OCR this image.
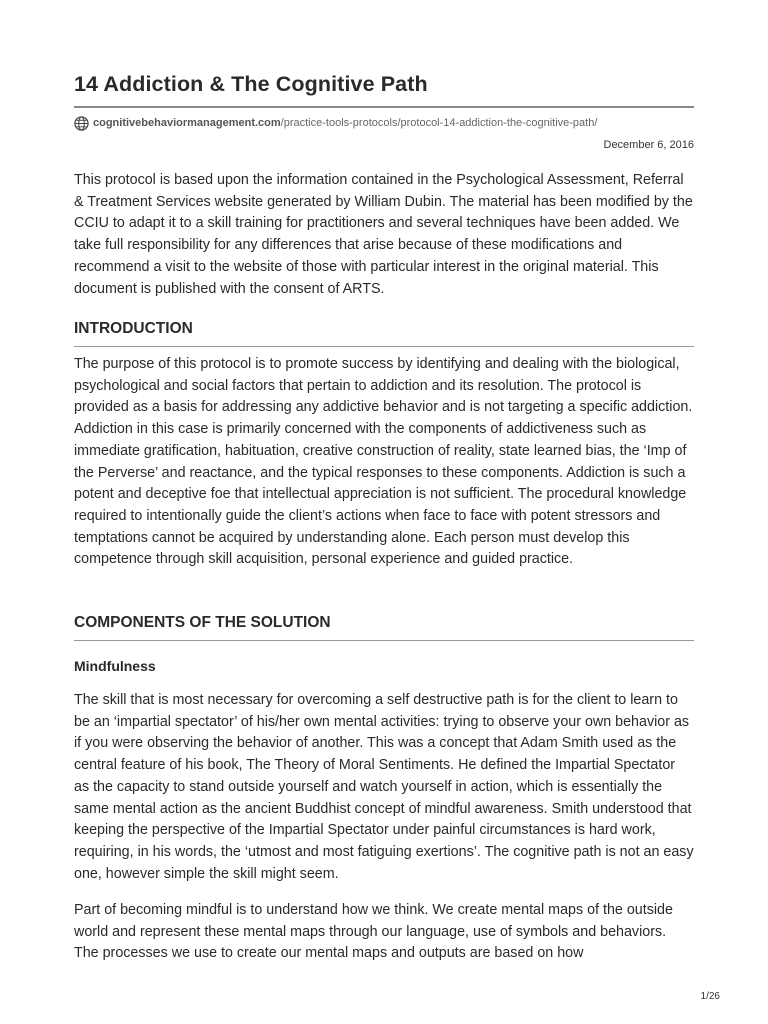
14 Addiction & The Cognitive Path
cognitivebehaviormanagement.com /practice-tools-protocols/protocol-14-addiction-the-cognitive-path/
December 6, 2016

This protocol is based upon the information contained in the Psychological Assessment, Referral & Treatment Services website generated by William Dubin. The material has been modified by the CCIU to adapt it to a skill training for practitioners and several techniques have been added. We take full responsibility for any differences that arise because of these modifications and recommend a visit to the website of those with particular interest in the original material. This document is published with the consent of ARTS.

INTRODUCTION

The purpose of this protocol is to promote success by identifying and dealing with the biological, psychological and social factors that pertain to addiction and its resolution. The protocol is provided as a basis for addressing any addictive behavior and is not targeting a specific addiction. Addiction in this case is primarily concerned with the components of addictiveness such as immediate gratification, habituation, creative construction of reality, state learned bias, the ‘Imp of the Perverse’ and reactance, and the typical responses to these components. Addiction is such a potent and deceptive foe that intellectual appreciation is not sufficient. The procedural knowledge required to intentionally guide the client’s actions when face to face with potent stressors and temptations cannot be acquired by understanding alone. Each person must develop this competence through skill acquisition, personal experience and guided practice.

COMPONENTS OF THE SOLUTION
Mindfulness

The skill that is most necessary for overcoming a self destructive path is for the client to learn to be an ‘impartial spectator’ of his/her own mental activities: trying to observe your own behavior as if you were observing the behavior of another. This was a concept that Adam Smith used as the central feature of his book, The Theory of Moral Sentiments. He defined the Impartial Spectator as the capacity to stand outside yourself and watch yourself in action, which is essentially the same mental action as the ancient Buddhist concept of mindful awareness. Smith understood that keeping the perspective of the Impartial Spectator under painful circumstances is hard work, requiring, in his words, the ‘utmost and most fatiguing exertions’. The cognitive path is not an easy one, however simple the skill might seem.

Part of becoming mindful is to understand how we think. We create mental maps of the outside world and represent these mental maps through our language, use of symbols and behaviors. The processes we use to create our mental maps and outputs are based on how

1/26
